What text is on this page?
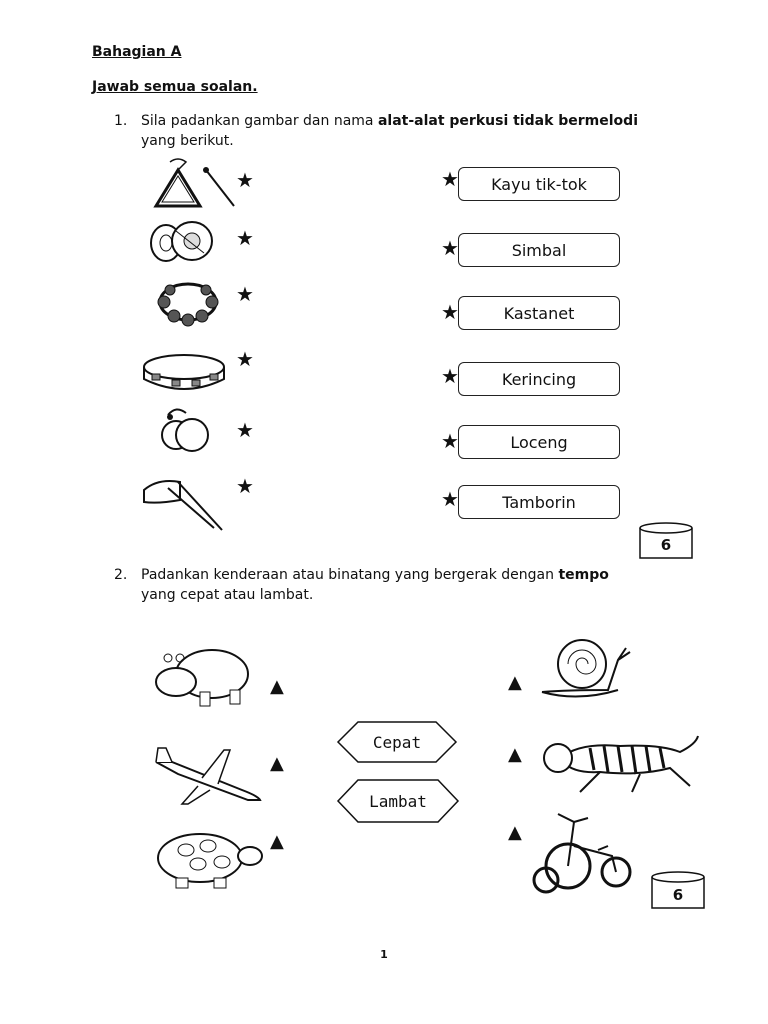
Bahagian A
Jawab semua soalan.
1. Sila padankan gambar dan nama alat-alat perkusi tidak bermelodi
yang berikut.
★
★
★
★
★
★
★
★
★
★
★
★
Kayu tik-tok
Simbal
Kastanet
Kerincing
Loceng
Tamborin
6
2. Padankan kenderaan atau binatang yang bergerak dengan tempo
yang cepat atau lambat.
▲
▲
▲
Cepat
Lambat
▲
▲
▲
6
1
